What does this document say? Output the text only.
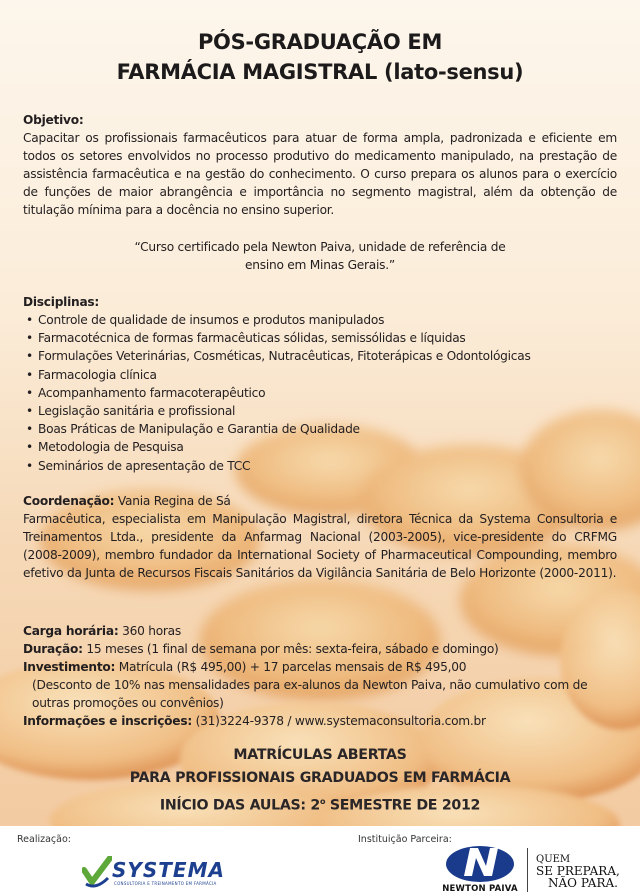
PÓS-GRADUAÇÃO EM
FARMÁCIA MAGISTRAL (lato-sensu)
Objetivo:
Capacitar os profissionais farmacêuticos para atuar de forma ampla, padronizada e eficiente em todos os setores envolvidos no processo produtivo do medicamento manipulado, na prestação de assistência farmacêutica e na gestão do conhecimento. O curso prepara os alunos para o exercício de funções de maior abrangência e importância no segmento magistral, além da obtenção de titulação mínima para a docência no ensino superior.
“Curso certificado pela Newton Paiva, unidade de referência de
ensino em Minas Gerais.”
Disciplinas:
• Controle de qualidade de insumos e produtos manipulados
• Farmacotécnica de formas farmacêuticas sólidas, semissólidas e líquidas
• Formulações Veterinárias, Cosméticas, Nutracêuticas, Fitoterápicas e Odontológicas
• Farmacologia clínica
• Acompanhamento farmacoterapêutico
• Legislação sanitária e profissional
• Boas Práticas de Manipulação e Garantia de Qualidade
• Metodologia de Pesquisa
• Seminários de apresentação de TCC
Coordenação: Vania Regina de Sá
Farmacêutica, especialista em Manipulação Magistral, diretora Técnica da Systema Consultoria e Treinamentos Ltda., presidente da Anfarmag Nacional (2003-2005), vice-presidente do CRFMG (2008-2009), membro fundador da International Society of Pharmaceutical Compounding, membro efetivo da Junta de Recursos Fiscais Sanitários da Vigilância Sanitária de Belo Horizonte (2000-2011).
Carga horária: 360 horas
Duração: 15 meses (1 final de semana por mês: sexta-feira, sábado e domingo)
Investimento: Matrícula (R$ 495,00) + 17 parcelas mensais de R$ 495,00
(Desconto de 10% nas mensalidades para ex-alunos da Newton Paiva, não cumulativo com de outras promoções ou convênios)
Informações e inscrições: (31)3224-9378 / www.systemaconsultoria.com.br
MATRÍCULAS ABERTAS
PARA PROFISSIONAIS GRADUADOS EM FARMÁCIA
INÍCIO DAS AULAS: 2$^o$ SEMESTRE DE 2012
Realização:	Instituição Parceira:
SYSTEMA
CONSULTORIA E TREINAMENTO EM FARMÁCIA
NEWTON PAIVA
QUEM
SE PREPARA,
NÃO PARA.
